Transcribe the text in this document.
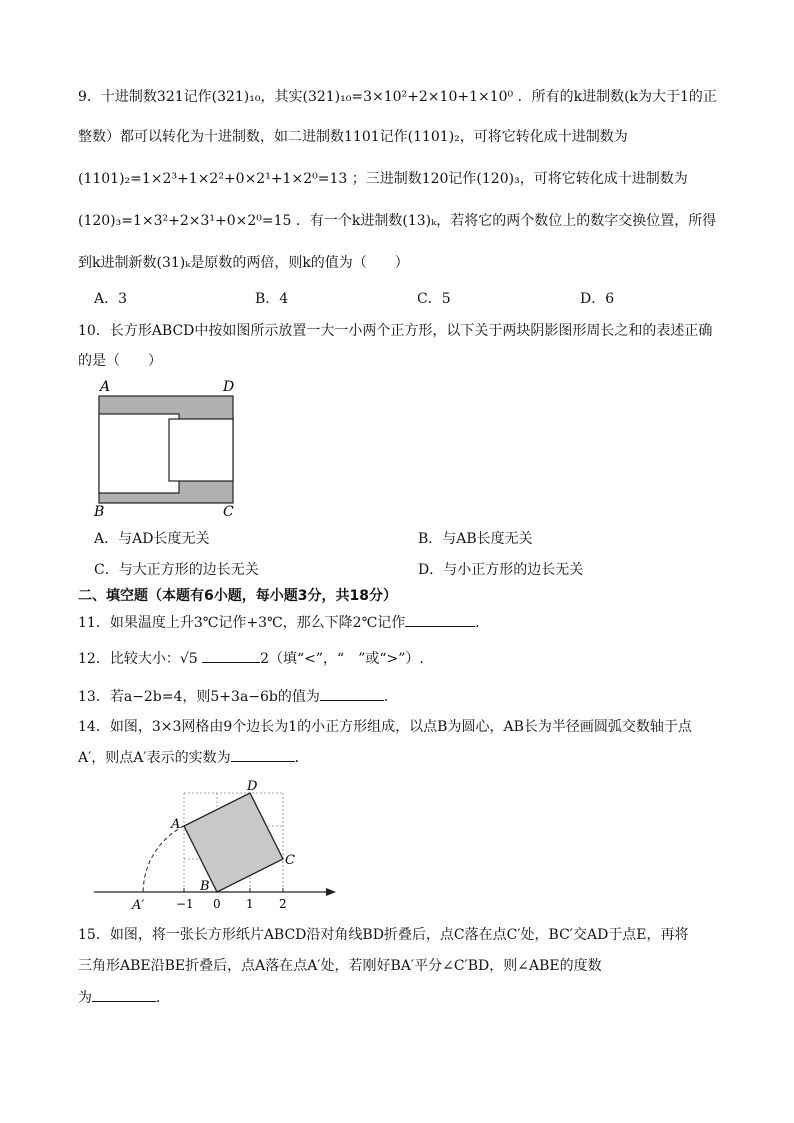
9．十进制数321记作(321)₁₀，其实(321)₁₀=3×10²+2×10+1×10⁰ ．所有的k进制数(k为大于1的正
整数）都可以转化为十进制数，如二进制数1101记作(1101)₂，可将它转化成十进制数为
(1101)₂=1×2³+1×2²+0×2¹+1×2⁰=13 ；三进制数120记作(120)₃，可将它转化成十进制数为
(120)₃=1×3²+2×3¹+0×2⁰=15 ．有一个k进制数(13)ₖ，若将它的两个数位上的数字交换位置，所得
到k进制新数(31)ₖ是原数的两倍，则k的值为（　　）
A．3	B．4	C．5	D．6
10．长方形ABCD中按如图所示放置一大一小两个正方形，以下关于两块阴影图形周长之和的表述正确
的是（　　）
A	D
B	C
A．与AD长度无关	B．与AB长度无关
C．与大正方形的边长无关	D．与小正方形的边长无关
二、填空题（本题有6小题，每小题3分，共18分）
11．如果温度上升3℃记作+3℃，那么下降2℃记作	．
12．比较大小：√5	2（填“<”，“　”或“>”）.
13．若a−2b=4，则5+3a−6b的值为	．
14．如图，3×3网格由9个边长为1的小正方形组成，以点B为圆心，AB长为半径画圆弧交数轴于点
A′，则点A′表示的实数为	．
A
D
C
B
A′	−1 0 1 2
15．如图，将一张长方形纸片ABCD沿对角线BD折叠后，点C落在点C′处，BC′交AD于点E，再将
三角形ABE沿BE折叠后，点A落在点A′处，若刚好BA′平分∠C′BD，则∠ABE的度数
为	．
